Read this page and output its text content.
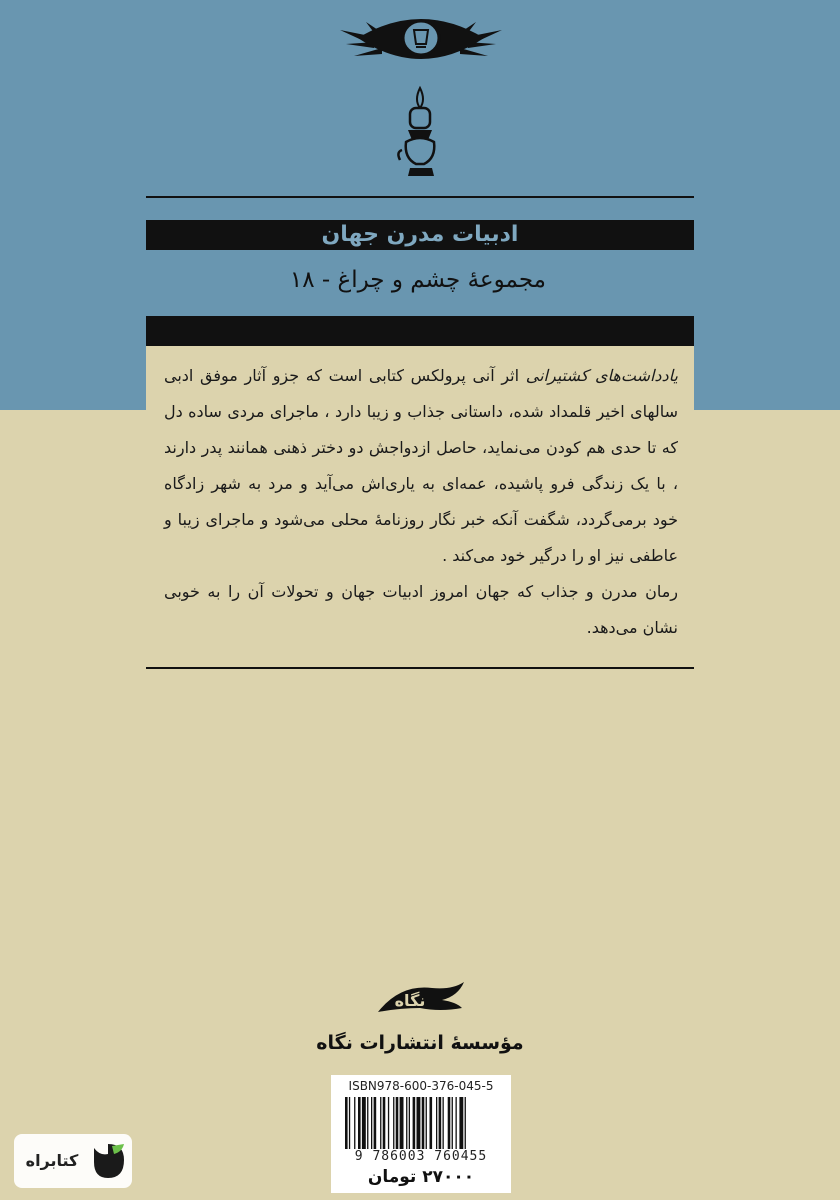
ادبیات مدرن جهان
مجموعهٔ چشم و چراغ - ۱۸

یادداشت‌های کشتیرانی اثر آنی پرولکس کتابی است که جزو آثار موفق ادبی سالهای اخیر قلمداد شده، داستانی جذاب و زیبا دارد ، ماجرای مردی ساده دل که تا حدی هم کودن می‌نماید، حاصل ازدواجش دو دختر ذهنی همانند پدر دارند ، با یک زندگی فرو پاشیده، عمه‌ای به یاری‌اش می‌آید و مرد به شهر زادگاه خود برمی‌گردد، شگفت آنکه خبر نگار روزنامهٔ محلی می‌شود و ماجرای زیبا و عاطفی نیز او را درگیر خود می‌کند .

رمان مدرن و جذاب که جهان امروز ادبیات جهان و تحولات آن را به خوبی نشان می‌دهد.

نگاه
مؤسسهٔ انتشارات نگاه
ISBN978-600-376-045-5
9 786003 760455
۲۷۰۰۰ تومان
کتابراه
